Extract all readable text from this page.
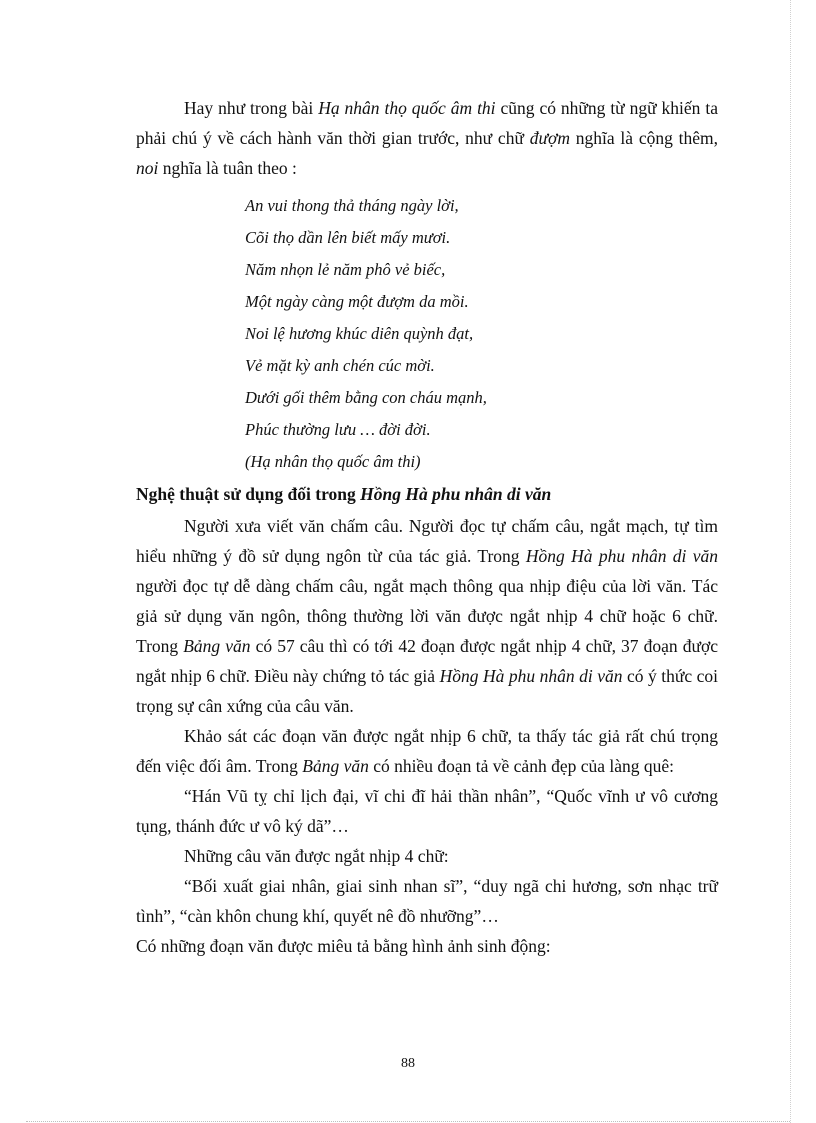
Hay như trong bài Hạ nhân thọ quốc âm thi cũng có những từ ngữ khiến ta phải chú ý về cách hành văn thời gian trước, như chữ đượm nghĩa là cộng thêm, noi nghĩa là tuân theo :

An vui thong thả tháng ngày lời,
Cõi thọ dần lên biết mấy mươi.
Năm nhọn lẻ năm phô vẻ biếc,
Một ngày càng một đượm da mồi.
Noi lệ hương khúc diên quỳnh đạt,
Vẻ mặt kỳ anh chén cúc mời.
Dưới gối thêm bằng con cháu mạnh,
Phúc thường lưu … đời đời.
(Hạ nhân thọ quốc âm thi)
Nghệ thuật sử dụng đối trong Hồng Hà phu nhân di văn

Người xưa viết văn chấm câu. Người đọc tự chấm câu, ngắt mạch, tự tìm hiểu những ý đồ sử dụng ngôn từ của tác giả. Trong Hồng Hà phu nhân di văn người đọc tự dễ dàng chấm câu, ngắt mạch thông qua nhịp điệu của lời văn. Tác giả sử dụng văn ngôn, thông thường lời văn được ngắt nhịp 4 chữ hoặc 6 chữ. Trong Bảng văn có 57 câu thì có tới 42 đoạn được ngắt nhịp 4 chữ, 37 đoạn được ngắt nhịp 6 chữ. Điều này chứng tỏ tác giả Hồng Hà phu nhân di văn có ý thức coi trọng sự cân xứng của câu văn.

Khảo sát các đoạn văn được ngắt nhịp 6 chữ, ta thấy tác giả rất chú trọng đến việc đối âm. Trong Bảng văn có nhiều đoạn tả về cảnh đẹp của làng quê:

“Hán Vũ tỵ chỉ lịch đại, vĩ chi đĩ hải thần nhân”, “Quốc vĩnh ư vô cương tụng, thánh đức ư vô ký dã”…

Những câu văn được ngắt nhịp 4 chữ:

“Bối xuất giai nhân, giai sinh nhan sĩ”, “duy ngã chi hương, sơn nhạc trữ tình”, “càn khôn chung khí, quyết nê đồ nhưỡng”…

Có những đoạn văn được miêu tả bằng hình ảnh sinh động:

88
